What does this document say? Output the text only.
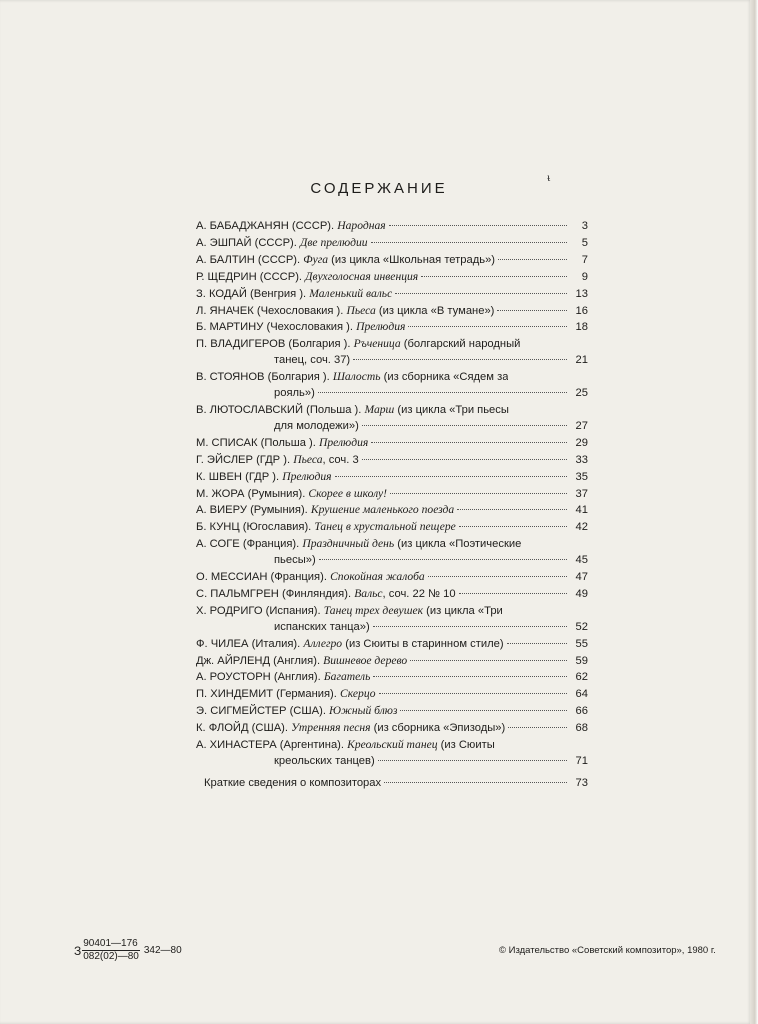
ᵼ
СОДЕРЖАНИЕ
А. БАБАДЖАНЯН (СССР). Народная	3
А. ЭШПАЙ (СССР). Две прелюдии	5
А. БАЛТИН (СССР). Фуга (из цикла «Школьная тетрадь»)	7
Р. ЩЕДРИН (СССР). Двухголосная инвенция	9
З. КОДАЙ (Венгрия ). Маленький вальс	13
Л. ЯНАЧЕК (Чехословакия ). Пьеса (из цикла «В тумане»)	16
Б. МАРТИНУ (Чехословакия ). Прелюдия	18
П. ВЛАДИГЕРОВ (Болгария ). Ръченица (болгарский народный
танец, соч. 37)	21
В. СТОЯНОВ (Болгария ). Шалость (из сборника «Сядем за
рояль»)	25
В. ЛЮТОСЛАВСКИЙ (Польша ). Марш (из цикла «Три пьесы
для молодежи»)	27
М. СПИСАК (Польша ). Прелюдия	29
Г. ЭЙСЛЕР (ГДР ). Пьеса, соч. 3	33
К. ШВЕН (ГДР ). Прелюдия	35
М. ЖОРА (Румыния). Скорее в школу!	37
А. ВИЕРУ (Румыния). Крушение маленького поезда	41
Б. КУНЦ (Югославия). Танец в хрустальной пещере	42
А. СОГЕ (Франция). Праздничный день (из цикла «Поэтические
пьесы»)	45
О. МЕССИАН (Франция). Спокойная жалоба	47
С. ПАЛЬМГРЕН (Финляндия). Вальс, соч. 22 № 10	49
Х. РОДРИГО (Испания). Танец трех девушек (из цикла «Три
испанских танца»)	52
Ф. ЧИЛЕА (Италия). Аллегро (из Сюиты в старинном стиле)	55
Дж. АЙРЛЕНД (Англия). Вишневое дерево	59
А. РОУСТОРН (Англия). Багатель	62
П. ХИНДЕМИТ (Германия). Скерцо	64
Э. СИГМЕЙСТЕР (США). Южный блюз	66
К. ФЛОЙД (США). Утренняя песня (из сборника «Эпизоды»)	68
А. ХИНАСТЕРА (Аргентина). Креольский танец (из Сюиты
креольских танцев)	71
Краткие сведения о композиторах	73
З $\frac{90401—176}{082(02)—80}$ 342—80	© Издательство «Советский композитор», 1980 г.
